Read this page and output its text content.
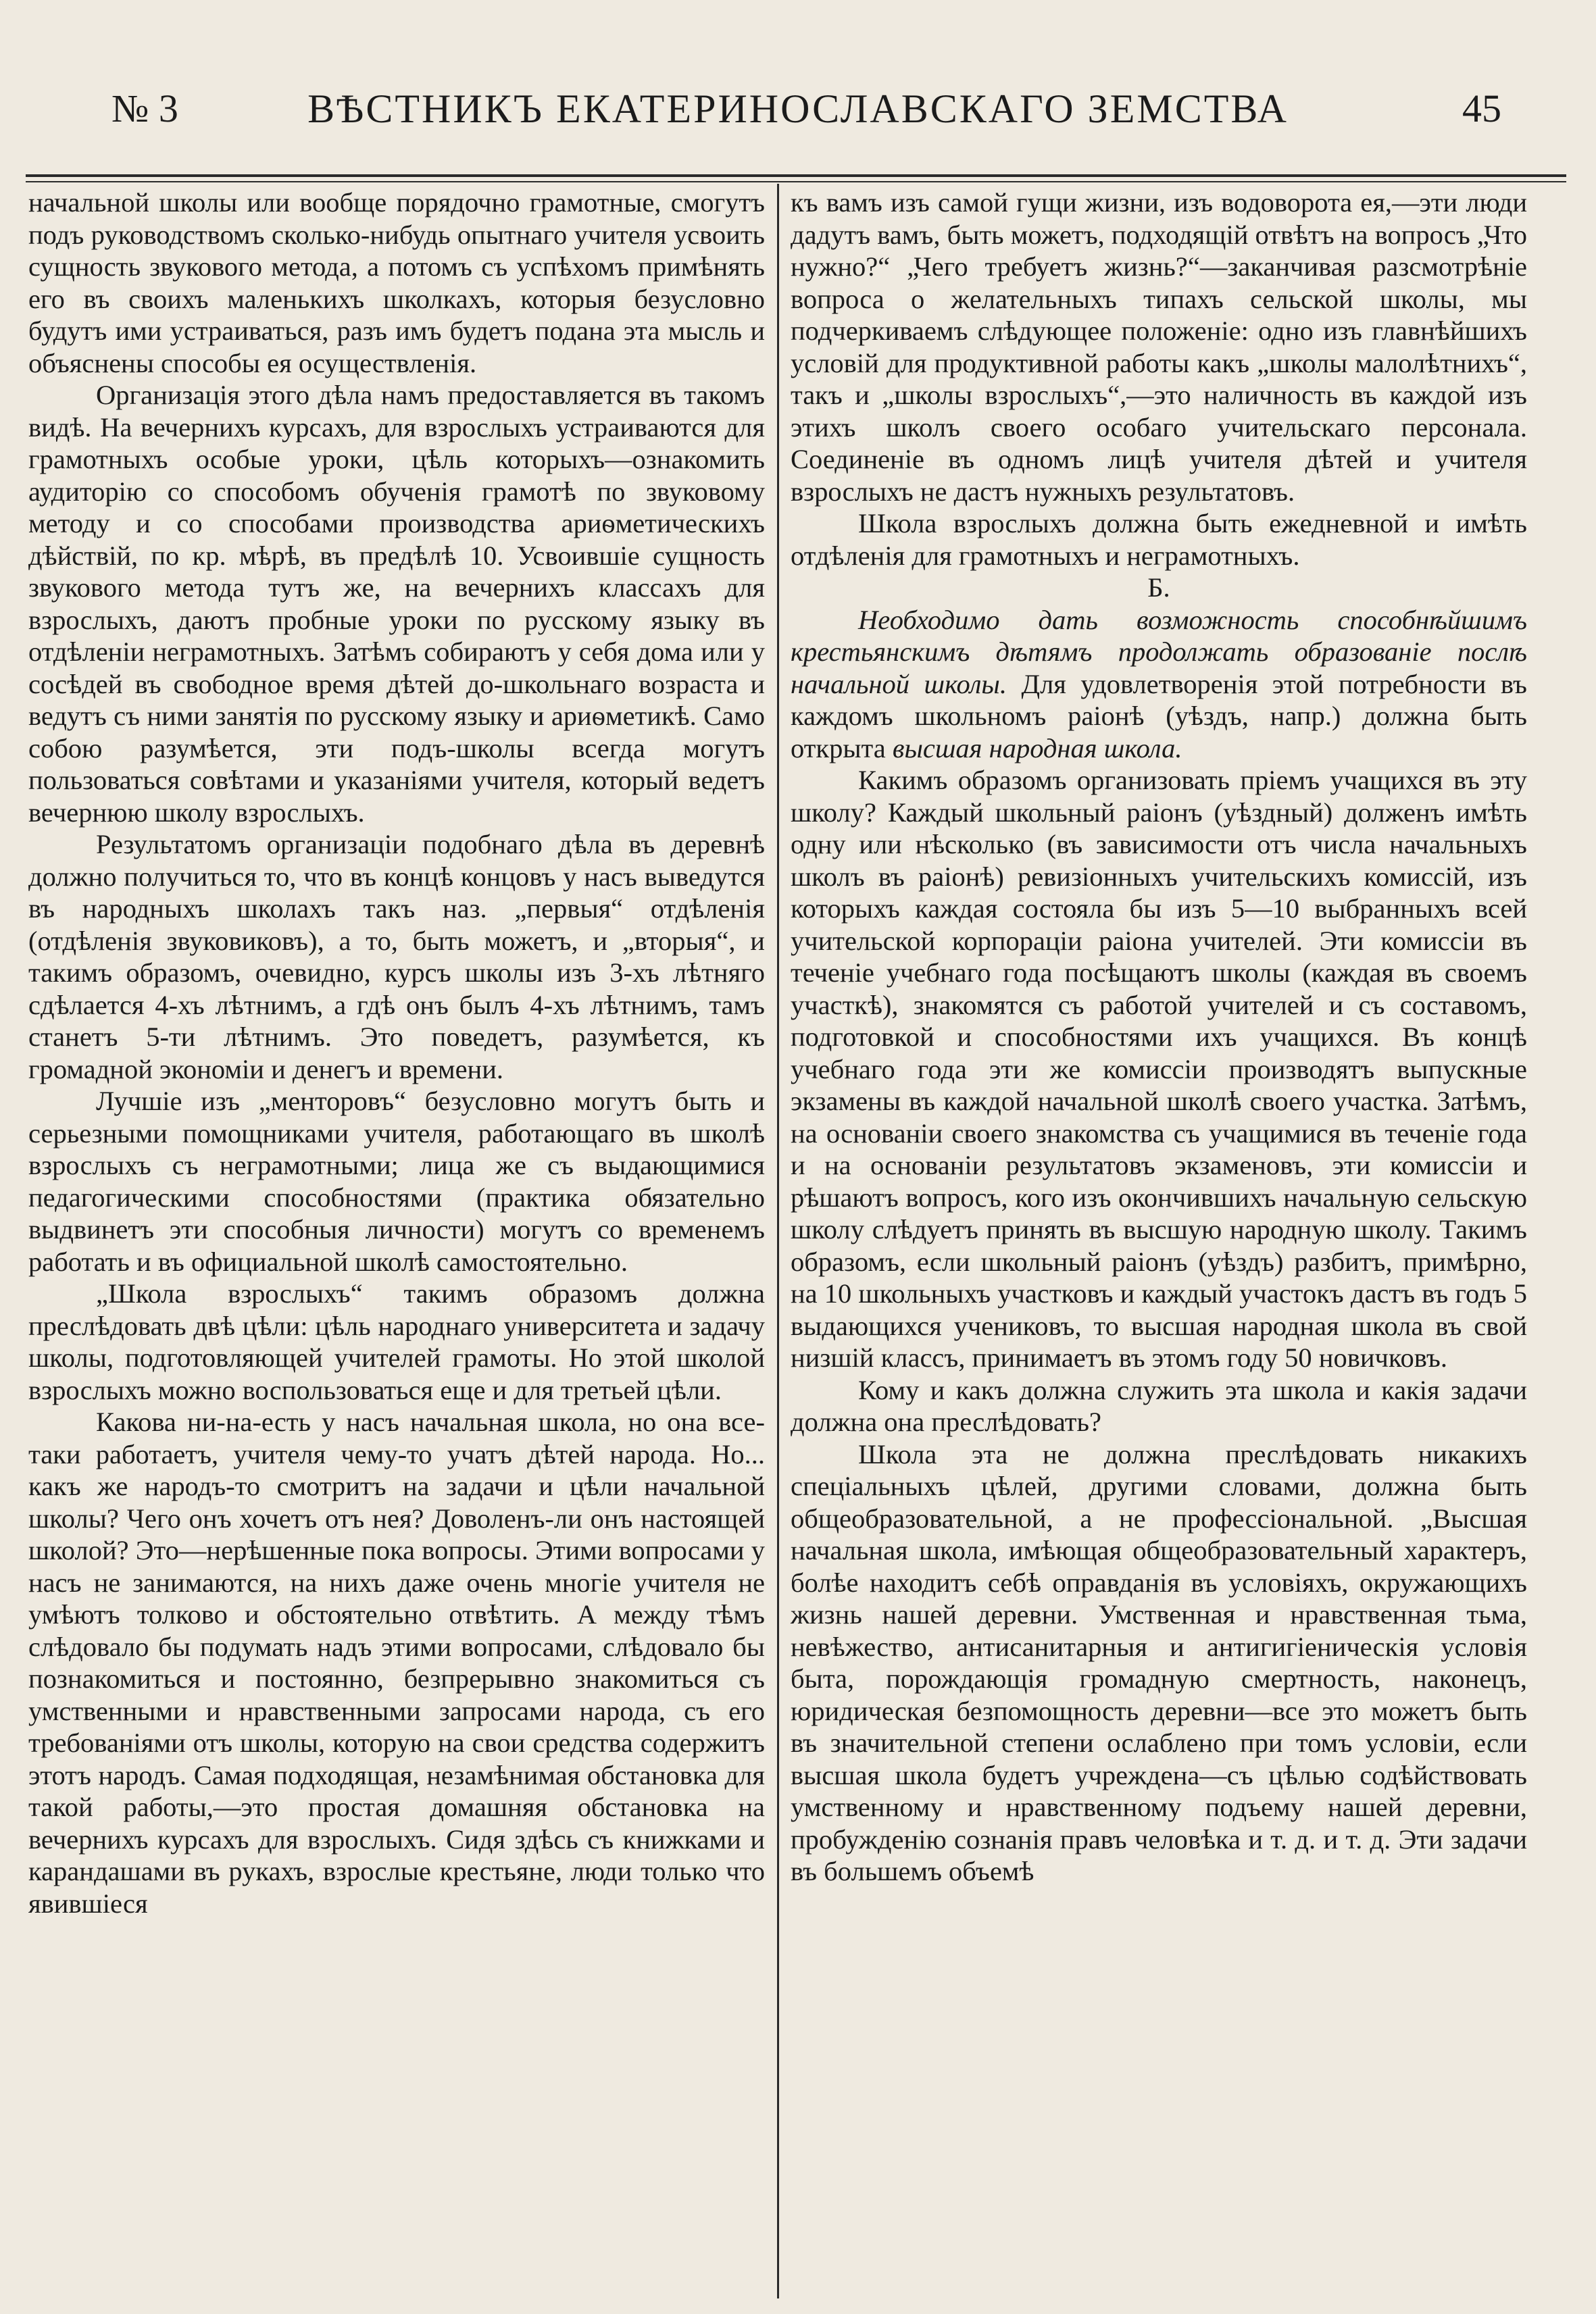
№ 3	ВѢСТНИКЪ ЕКАТЕРИНОСЛАВСКАГО ЗЕМСТВА	45

начальной школы или вообще порядочно грамотные, смогутъ подъ руководствомъ сколько-нибудь опытнаго учителя усвоить сущность звукового метода, а потомъ съ успѣхомъ примѣнять его въ своихъ маленькихъ школкахъ, которыя безусловно будутъ ими устраиваться, разъ имъ будетъ подана эта мысль и объяснены способы ея осуществленія.

Организація этого дѣла намъ предоставляется въ такомъ видѣ. На вечернихъ курсахъ, для взрослыхъ устраиваются для грамотныхъ особые уроки, цѣль которыхъ—ознакомить аудиторію со способомъ обученія грамотѣ по звуковому методу и со способами производства ариѳметическихъ дѣйствій, по кр. мѣрѣ, въ предѣлѣ 10. Усвоившіе сущность звукового метода тутъ же, на вечернихъ классахъ для взрослыхъ, даютъ пробные уроки по русскому языку въ отдѣленіи неграмотныхъ. Затѣмъ собираютъ у себя дома или у сосѣдей въ свободное время дѣтей до-школьнаго возраста и ведутъ съ ними занятія по русскому языку и ариѳметикѣ. Само собою разумѣется, эти подъ-школы всегда могутъ пользоваться совѣтами и указаніями учителя, который ведетъ вечернюю школу взрослыхъ.

Результатомъ организаціи подобнаго дѣла въ деревнѣ должно получиться то, что въ концѣ концовъ у насъ выведутся въ народныхъ школахъ такъ наз. „первыя“ отдѣленія (отдѣленія звуковиковъ), а то, быть можетъ, и „вторыя“, и такимъ образомъ, очевидно, курсъ школы изъ 3-хъ лѣтняго сдѣлается 4-хъ лѣтнимъ, а гдѣ онъ былъ 4-хъ лѣтнимъ, тамъ станетъ 5-ти лѣтнимъ. Это поведетъ, разумѣется, къ громадной экономіи и денегъ и времени.

Лучшіе изъ „менторовъ“ безусловно могутъ быть и серьезными помощниками учителя, работающаго въ школѣ взрослыхъ съ неграмотными; лица же съ выдающимися педагогическими способностями (практика обязательно выдвинетъ эти способныя личности) могутъ со временемъ работать и въ официальной школѣ самостоятельно.

„Школа взрослыхъ“ такимъ образомъ должна преслѣдовать двѣ цѣли: цѣль народнаго университета и задачу школы, подготовляющей учителей грамоты. Но этой школой взрослыхъ можно воспользоваться еще и для третьей цѣли.

Какова ни-на-есть у насъ начальная школа, но она все-таки работаетъ, учителя чему-то учатъ дѣтей народа. Но... какъ же народъ-то смотритъ на задачи и цѣли начальной школы? Чего онъ хочетъ отъ нея? Доволенъ-ли онъ настоящей школой? Это—нерѣшенные пока вопросы. Этими вопросами у насъ не занимаются, на нихъ даже очень многіе учителя не умѣютъ толково и обстоятельно отвѣтить. А между тѣмъ слѣдовало бы подумать надъ этими вопросами, слѣдовало бы познакомиться и постоянно, безпрерывно знакомиться съ умственными и нравственными запросами народа, съ его требованіями отъ школы, которую на свои средства содержитъ этотъ народъ. Самая подходящая, незамѣнимая обстановка для такой работы,—это простая домашняя обстановка на вечернихъ курсахъ для взрослыхъ. Сидя здѣсь съ книжками и карандашами въ рукахъ, взрослые крестьяне, люди только что явившіеся

къ вамъ изъ самой гущи жизни, изъ водоворота ея,—эти люди дадутъ вамъ, быть можетъ, подходящій отвѣтъ на вопросъ „Что нужно?“ „Чего требуетъ жизнь?“—заканчивая разсмотрѣніе вопроса о желательныхъ типахъ сельской школы, мы подчеркиваемъ слѣдующее положеніе: одно изъ главнѣйшихъ условій для продуктивной работы какъ „школы малолѣтнихъ“, такъ и „школы взрослыхъ“,—это наличность въ каждой изъ этихъ школъ своего особаго учительскаго персонала. Соединеніе въ одномъ лицѣ учителя дѣтей и учителя взрослыхъ не дастъ нужныхъ результатовъ.

Школа взрослыхъ должна быть ежедневной и имѣть отдѣленія для грамотныхъ и неграмотныхъ.

Б.

Необходимо дать возможность способнѣйшимъ крестьянскимъ дѣтямъ продолжать образованіе послѣ начальной школы. Для удовлетворенія этой потребности въ каждомъ школьномъ раіонѣ (уѣздъ, напр.) должна быть открыта высшая народная школа.

Какимъ образомъ организовать пріемъ учащихся въ эту школу? Каждый школьный раіонъ (уѣздный) долженъ имѣть одну или нѣсколько (въ зависимости отъ числа начальныхъ школъ въ раіонѣ) ревизіонныхъ учительскихъ комиссій, изъ которыхъ каждая состояла бы изъ 5—10 выбранныхъ всей учительской корпораціи раіона учителей. Эти комиссіи въ теченіе учебнаго года посѣщаютъ школы (каждая въ своемъ участкѣ), знакомятся съ работой учителей и съ составомъ, подготовкой и способностями ихъ учащихся. Въ концѣ учебнаго года эти же комиссіи производятъ выпускные экзамены въ каждой начальной школѣ своего участка. Затѣмъ, на основаніи своего знакомства съ учащимися въ теченіе года и на основаніи результатовъ экзаменовъ, эти комиссіи и рѣшаютъ вопросъ, кого изъ окончившихъ начальную сельскую школу слѣдуетъ принять въ высшую народную школу. Такимъ образомъ, если школьный раіонъ (уѣздъ) разбитъ, примѣрно, на 10 школьныхъ участковъ и каждый участокъ дастъ въ годъ 5 выдающихся учениковъ, то высшая народная школа въ свой низшій классъ, принимаетъ въ этомъ году 50 новичковъ.

Кому и какъ должна служить эта школа и какія задачи должна она преслѣдовать?

Школа эта не должна преслѣдовать никакихъ спеціальныхъ цѣлей, другими словами, должна быть общеобразовательной, а не профессіональной. „Высшая начальная школа, имѣющая общеобразовательный характеръ, болѣе находитъ себѣ оправданія въ условіяхъ, окружающихъ жизнь нашей деревни. Умственная и нравственная тьма, невѣжество, антисанитарныя и антигигіеническія условія быта, порождающія громадную смертность, наконецъ, юридическая безпомощность деревни—все это можетъ быть въ значительной степени ослаблено при томъ условіи, если высшая школа будетъ учреждена—съ цѣлью содѣйствовать умственному и нравственному подъему нашей деревни, пробужденію сознанія правъ человѣка и т. д. и т. д. Эти задачи въ большемъ объемѣ
